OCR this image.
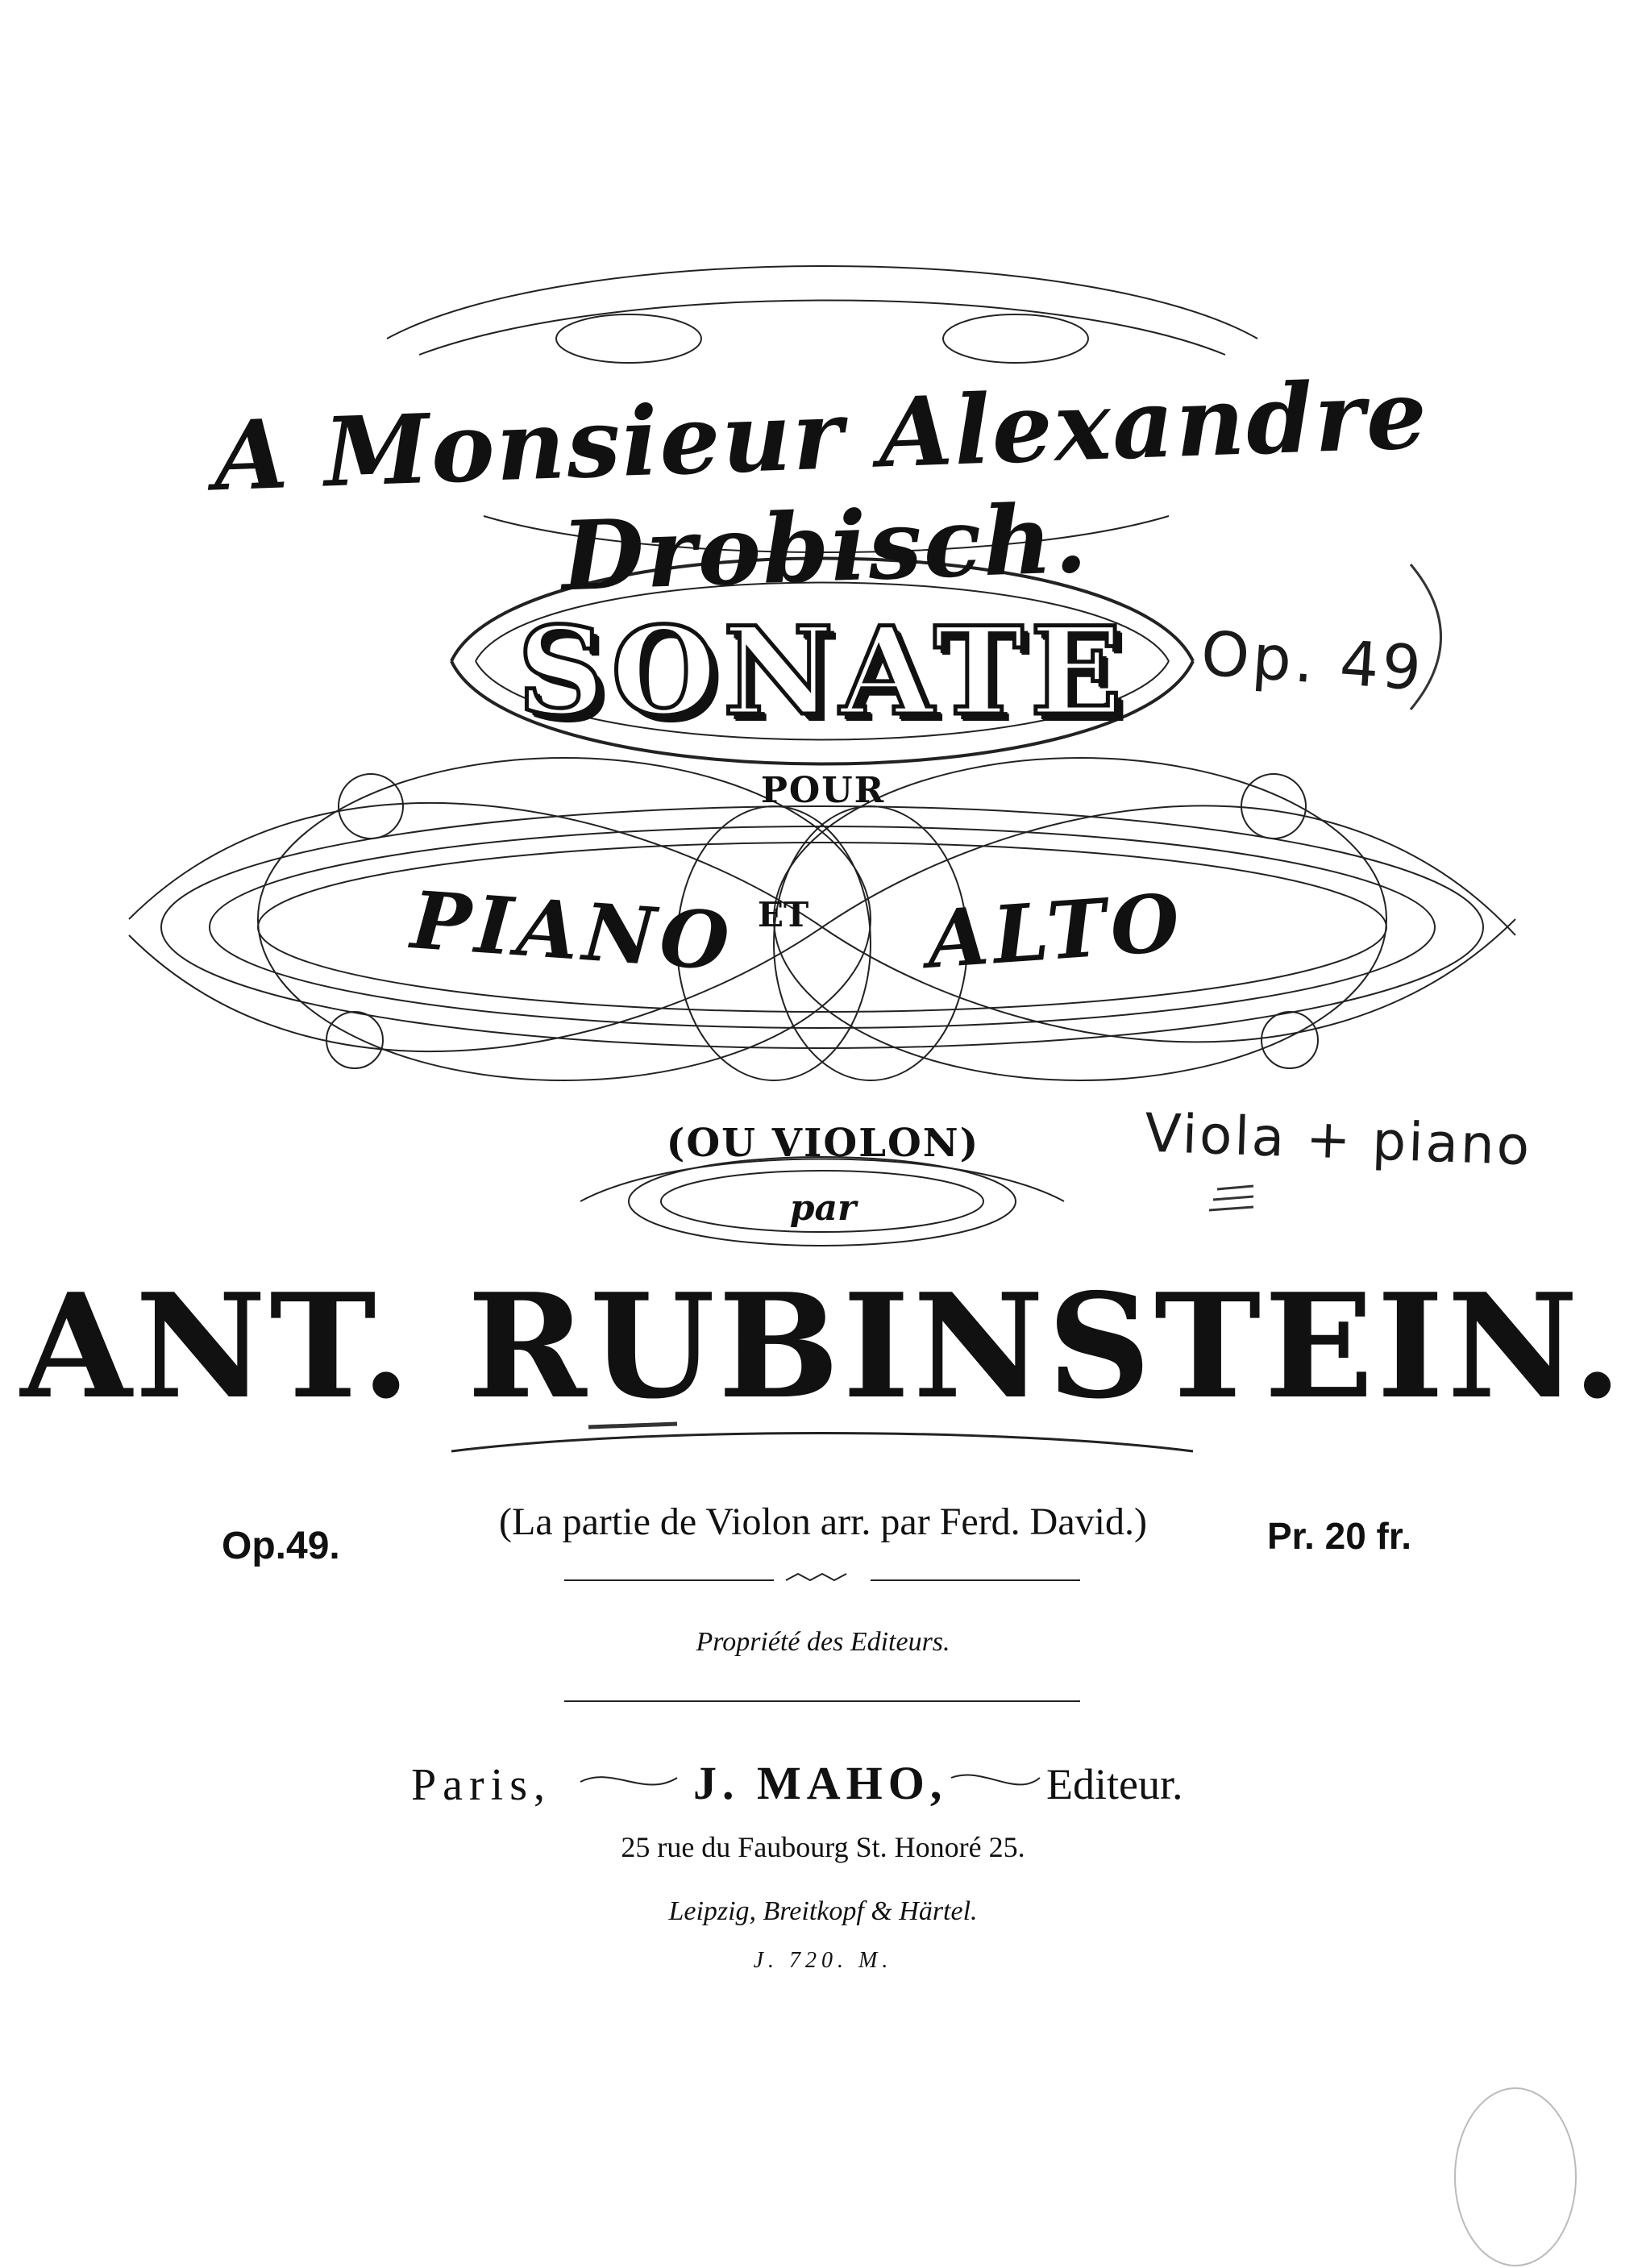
A Monsieur Alexandre Drobisch.
SONATE
POUR
PIANO ET ALTO
(OU VIOLON)
par
ANT. RUBINSTEIN.
Op.49.
(La partie de Violon arr. par Ferd. David.)	Pr. 20 fr.
Propriété des Editeurs.
Paris,	J. MAHO, Editeur.
25 rue du Faubourg St. Honoré 25.
Leipzig, Breitkopf & Härtel.
J. 720. M.
Op. 49
Viola + piano
